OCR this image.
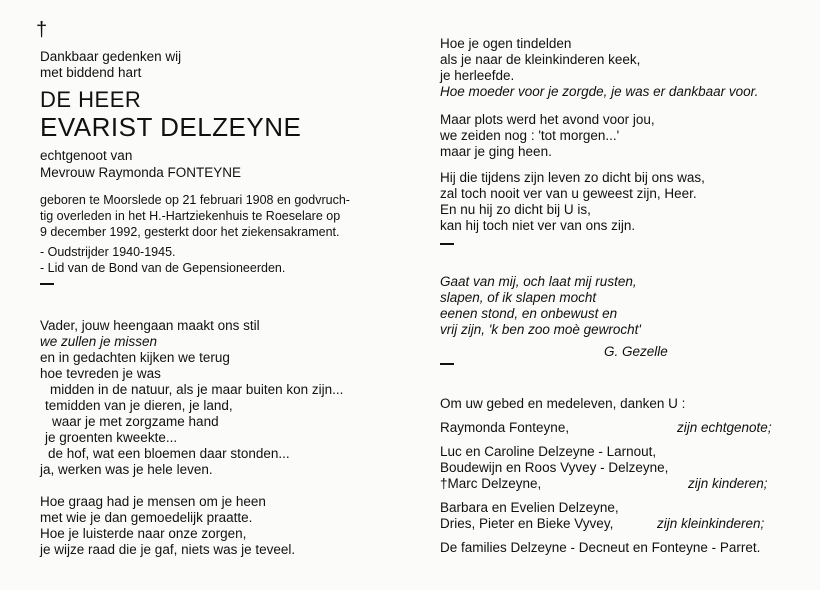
†
Dankbaar gedenken wij
met biddend hart
DE HEER
EVARIST DELZEYNE
echtgenoot van
Mevrouw Raymonda FONTEYNE
geboren te Moorslede op 21 februari 1908 en godvruch-
tig overleden in het H.-Hartziekenhuis te Roeselare op
9 december 1992, gesterkt door het ziekensakrament.
- Oudstrijder 1940-1945.
- Lid van de Bond van de Gepensioneerden.
Vader, jouw heengaan maakt ons stil
we zullen je missen
en in gedachten kijken we terug
hoe tevreden je was
midden in de natuur, als je maar buiten kon zijn...
temidden van je dieren, je land,
waar je met zorgzame hand
je groenten kweekte...
de hof, wat een bloemen daar stonden...
ja, werken was je hele leven.
Hoe graag had je mensen om je heen
met wie je dan gemoedelijk praatte.
Hoe je luisterde naar onze zorgen,
je wijze raad die je gaf, niets was je teveel.
Hoe je ogen tindelden
als je naar de kleinkinderen keek,
je herleefde.
Hoe moeder voor je zorgde, je was er dankbaar voor.
Maar plots werd het avond voor jou,
we zeiden nog : 'tot morgen...'
maar je ging heen.
Hij die tijdens zijn leven zo dicht bij ons was,
zal toch nooit ver van u geweest zijn, Heer.
En nu hij zo dicht bij U is,
kan hij toch niet ver van ons zijn.
Gaat van mij, och laat mij rusten,
slapen, of ik slapen mocht
eenen stond, en onbewust en
vrij zijn, 'k ben zoo moè gewrocht'
G. Gezelle
Om uw gebed en medeleven, danken U :
Raymonda Fonteyne,	zijn echtgenote;
Luc en Caroline Delzeyne - Larnout,
Boudewijn en Roos Vyvey - Delzeyne,
†Marc Delzeyne,	zijn kinderen;
Barbara en Evelien Delzeyne,
Dries, Pieter en Bieke Vyvey,	zijn kleinkinderen;
De families Delzeyne - Decneut en Fonteyne - Parret.
